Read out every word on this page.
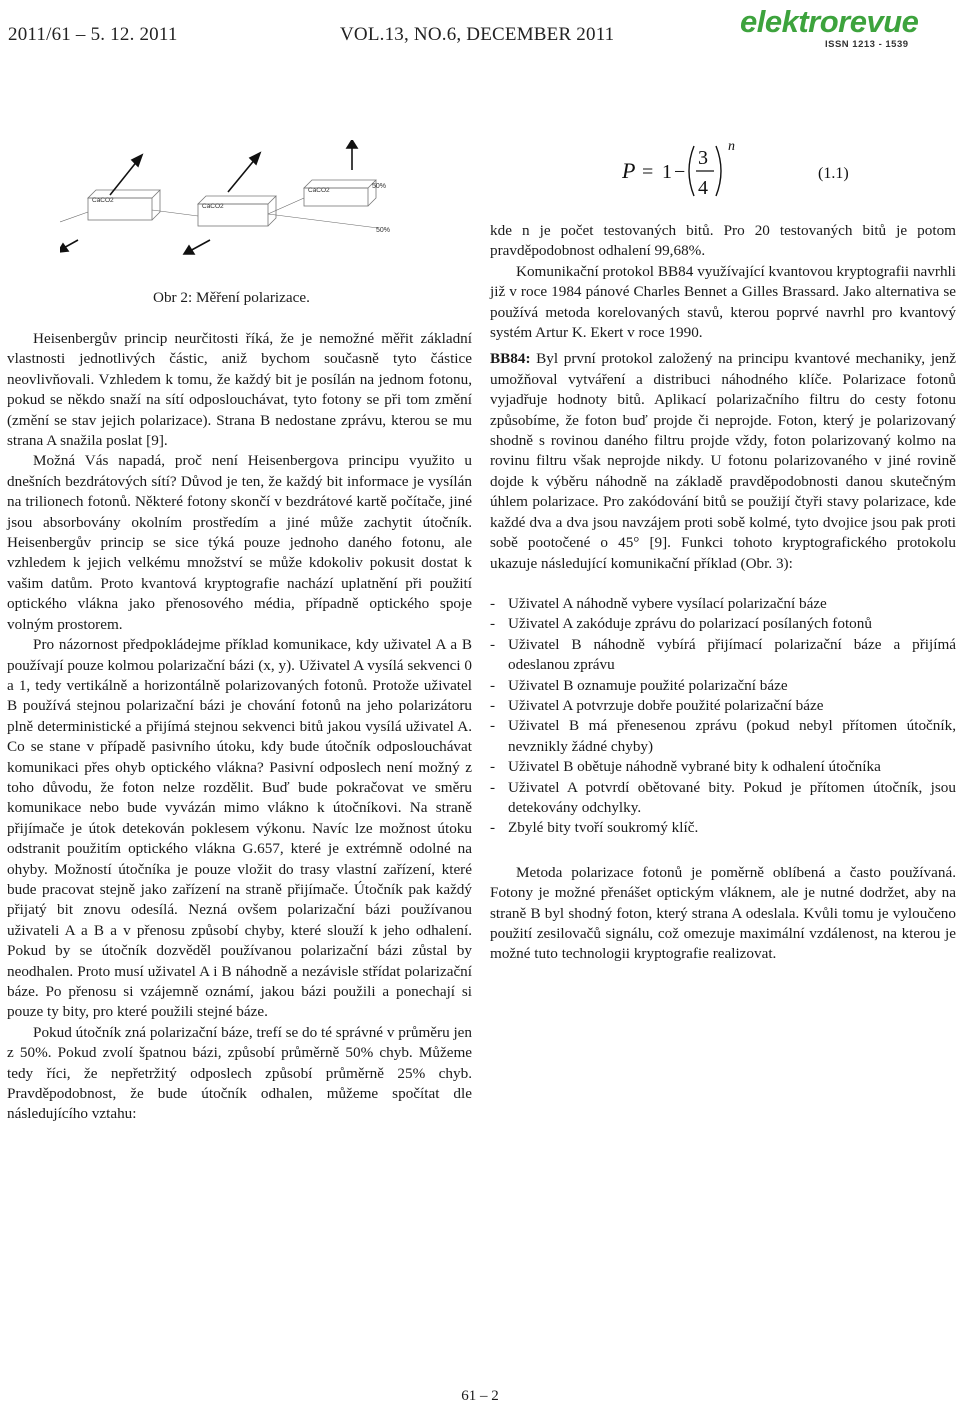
2011/61 – 5. 12. 2011	VOL.13, NO.6, DECEMBER 2011	elektrorevue
ISSN 1213 - 1539
CaCO2
CaCO2
CaCO2
50%
50%
Obr 2: Měření polarizace.

Heisenbergův princip neurčitosti říká, že je nemožné měřit základní vlastnosti jednotlivých částic, aniž bychom současně tyto částice neovlivňovali. Vzhledem k tomu, že každý bit je posílán na jednom fotonu, pokud se někdo snaží na sítí odposlouchávat, tyto fotony se při tom změní (změní se stav jejich polarizace). Strana B nedostane zprávu, kterou se mu strana A snažila poslat [9].

Možná Vás napadá, proč není Heisenbergova principu využito u dnešních bezdrátových sítí? Důvod je ten, že každý bit informace je vysílán na trilionech fotonů. Některé fotony skončí v bezdrátové kartě počítače, jiné jsou absorbovány okolním prostředím a jiné může zachytit útočník. Heisenbergův princip se sice týká pouze jednoho daného fotonu, ale vzhledem k jejich velkému množství se může kdokoliv pokusit dostat k vašim datům. Proto kvantová kryptografie nachází uplatnění při použití optického vlákna jako přenosového média, případně optického spoje volným prostorem.

Pro názornost předpokládejme příklad komunikace, kdy uživatel A a B používají pouze kolmou polarizační bázi (x, y). Uživatel A vysílá sekvenci 0 a 1, tedy vertikálně a horizontálně polarizovaných fotonů. Protože uživatel B používá stejnou polarizační bázi je chování fotonů na jeho polarizátoru plně deterministické a přijímá stejnou sekvenci bitů jakou vysílá uživatel A. Co se stane v případě pasivního útoku, kdy bude útočník odposlouchávat komunikaci přes ohyb optického vlákna? Pasivní odposlech není možný z toho důvodu, že foton nelze rozdělit. Buď bude pokračovat ve směru komunikace nebo bude vyvázán mimo vlákno k útočníkovi. Na straně přijímače je útok detekován poklesem výkonu. Navíc lze možnost útoku odstranit použitím optického vlákna G.657, které je extrémně odolné na ohyby. Možností útočníka je pouze vložit do trasy vlastní zařízení, které bude pracovat stejně jako zařízení na straně přijímače. Útočník pak každý přijatý bit znovu odesílá. Nezná ovšem polarizační bázi používanou uživateli A a B a v přenosu způsobí chyby, které slouží k jeho odhalení. Pokud by se útočník dozvěděl používanou polarizační bázi zůstal by neodhalen. Proto musí uživatel A i B náhodně a nezávisle střídat polarizační báze. Po přenosu si vzájemně oznámí, jakou bázi použili a ponechají si pouze ty bity, pro které použili stejné báze.

Pokud útočník zná polarizační báze, trefí se do té správné v průměru jen z 50%. Pokud zvolí špatnou bázi, způsobí průměrně 50% chyb. Můžeme tedy říci, že nepřetržitý odposlech způsobí průměrně 25% chyb. Pravděpodobnost, že bude útočník odhalen, můžeme spočítat dle následujícího vztahu:

P = 1 −
3
4
n
(1.1)

kde n je počet testovaných bitů. Pro 20 testovaných bitů je potom pravděpodobnost odhalení 99,68%.

Komunikační protokol BB84 využívající kvantovou kryptografii navrhli již v roce 1984 pánové Charles Bennet a Gilles Brassard. Jako alternativa se používá metoda korelovaných stavů, kterou poprvé navrhl pro kvantový systém Artur K. Ekert v roce 1990.

BB84: Byl první protokol založený na principu kvantové mechaniky, jenž umožňoval vytváření a distribuci náhodného klíče. Polarizace fotonů vyjadřuje hodnoty bitů. Aplikací polarizačního filtru do cesty fotonu způsobíme, že foton buď projde či neprojde. Foton, který je polarizovaný shodně s rovinou daného filtru projde vždy, foton polarizovaný kolmo na rovinu filtru však neprojde nikdy. U fotonu polarizovaného v jiné rovině dojde k výběru náhodně na základě pravděpodobnosti danou skutečným úhlem polarizace. Pro zakódování bitů se použijí čtyři stavy polarizace, kde každé dva a dva jsou navzájem proti sobě kolmé, tyto dvojice jsou pak proti sobě pootočené o 45° [9]. Funkci tohoto kryptografického protokolu ukazuje následující komunikační příklad (Obr. 3):

- Uživatel A náhodně vybere vysílací polarizační báze
- Uživatel A zakóduje zprávu do polarizací posílaných fotonů
- Uživatel B náhodně vybírá přijímací polarizační báze a přijímá odeslanou zprávu
- Uživatel B oznamuje použité polarizační báze
- Uživatel A potvrzuje dobře použité polarizační báze
- Uživatel B má přenesenou zprávu (pokud nebyl přítomen útočník, nevznikly žádné chyby)
- Uživatel B obětuje náhodně vybrané bity k odhalení útočníka
- Uživatel A potvrdí obětované bity. Pokud je přítomen útočník, jsou detekovány odchylky.
- Zbylé bity tvoří soukromý klíč.

Metoda polarizace fotonů je poměrně oblíbená a často používaná. Fotony je možné přenášet optickým vláknem, ale je nutné dodržet, aby na straně B byl shodný foton, který strana A odeslala. Kvůli tomu je vyloučeno použití zesilovačů signálu, což omezuje maximální vzdálenost, na kterou je možné tuto technologii kryptografie realizovat.

61 – 2
